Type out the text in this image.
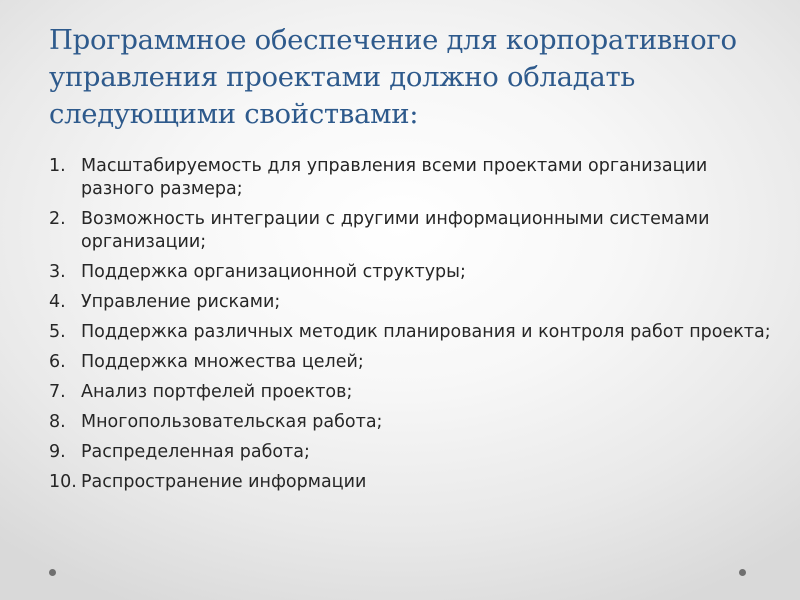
Программное обеспечение для корпоративного
управления проектами должно обладать
следующими свойствами:
1. Масштабируемость для управления всеми проектами организации разного размера;
2. Возможность интеграции с другими информационными системами организации;
3. Поддержка организационной структуры;
4. Управление рисками;
5. Поддержка различных методик планирования и контроля работ проекта;
6. Поддержка множества целей;
7. Анализ портфелей проектов;
8. Многопользовательская работа;
9. Распределенная работа;
10. Распространение информации
